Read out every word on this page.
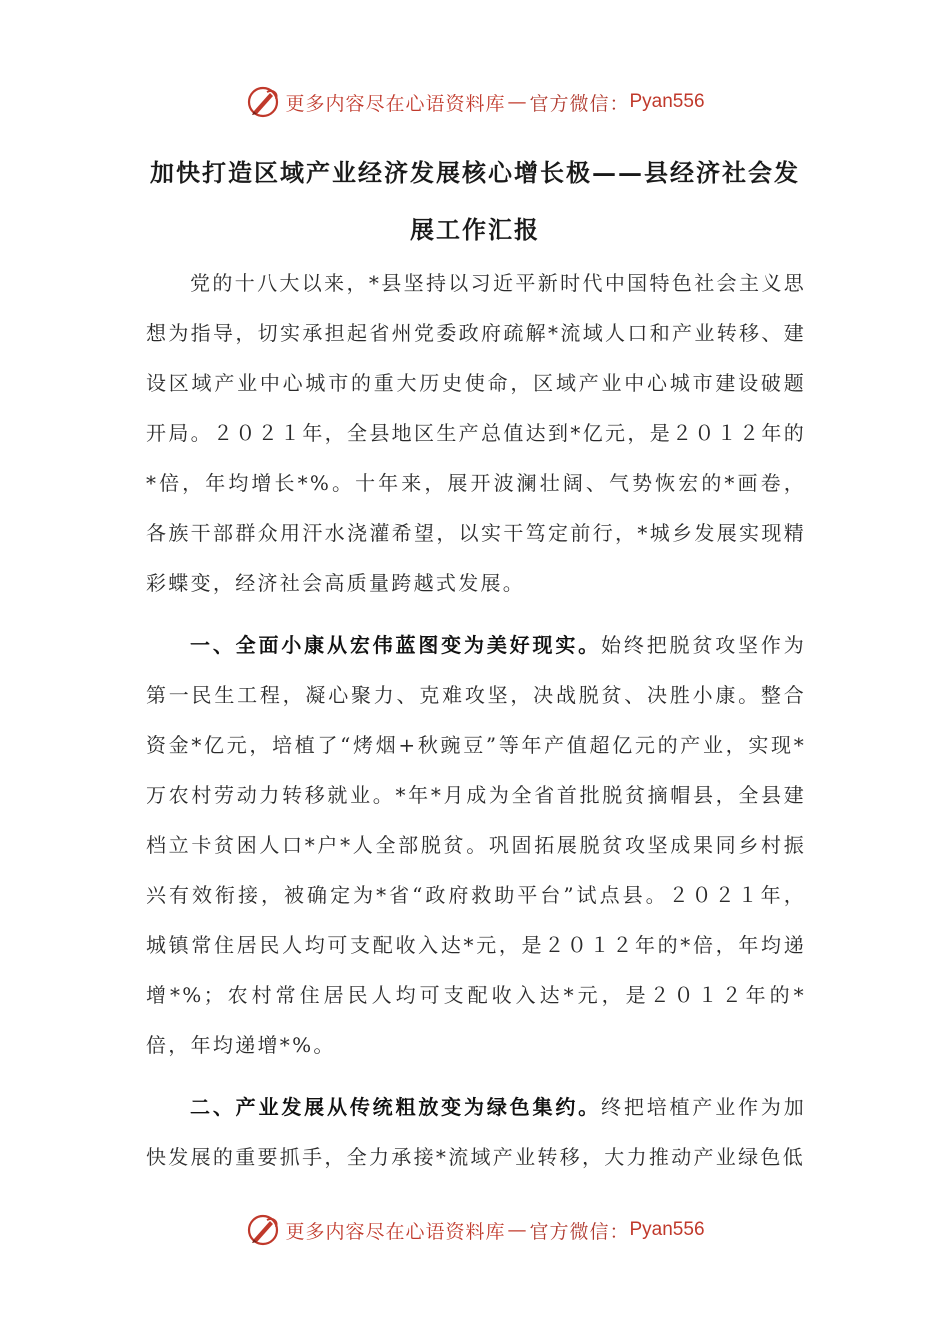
更多内容尽在心语资料库 — 官方微信： Pyan556
加快打造区域产业经济发展核心增长极——县经济社会发
展工作汇报

党的十八大以来，*县坚持以习近平新时代中国特色社会主义思想为指导，切实承担起省州党委政府疏解*流域人口和产业转移、建设区域产业中心城市的重大历史使命，区域产业中心城市建设破题开局。２０２１年，全县地区生产总值达到*亿元，是２０１２年的*倍，年均增长*%。十年来，展开波澜壮阔、气势恢宏的*画卷，各族干部群众用汗水浇灌希望，以实干笃定前行，*城乡发展实现精彩蝶变，经济社会高质量跨越式发展。

一、全面小康从宏伟蓝图变为美好现实。始终把脱贫攻坚作为第一民生工程，凝心聚力、克难攻坚，决战脱贫、决胜小康。整合资金*亿元，培植了“烤烟+秋豌豆”等年产值超亿元的产业，实现*万农村劳动力转移就业。*年*月成为全省首批脱贫摘帽县，全县建档立卡贫困人口*户*人全部脱贫。巩固拓展脱贫攻坚成果同乡村振兴有效衔接，被确定为*省“政府救助平台”试点县。２０２１年，城镇常住居民人均可支配收入达*元，是２０１２年的*倍，年均递增*%；农村常住居民人均可支配收入达*元，是２０１２年的*倍，年均递增*%。

二、产业发展从传统粗放变为绿色集约。终把培植产业作为加快发展的重要抓手，全力承接*流域产业转移，大力推动产业绿色低

更多内容尽在心语资料库 — 官方微信： Pyan556
